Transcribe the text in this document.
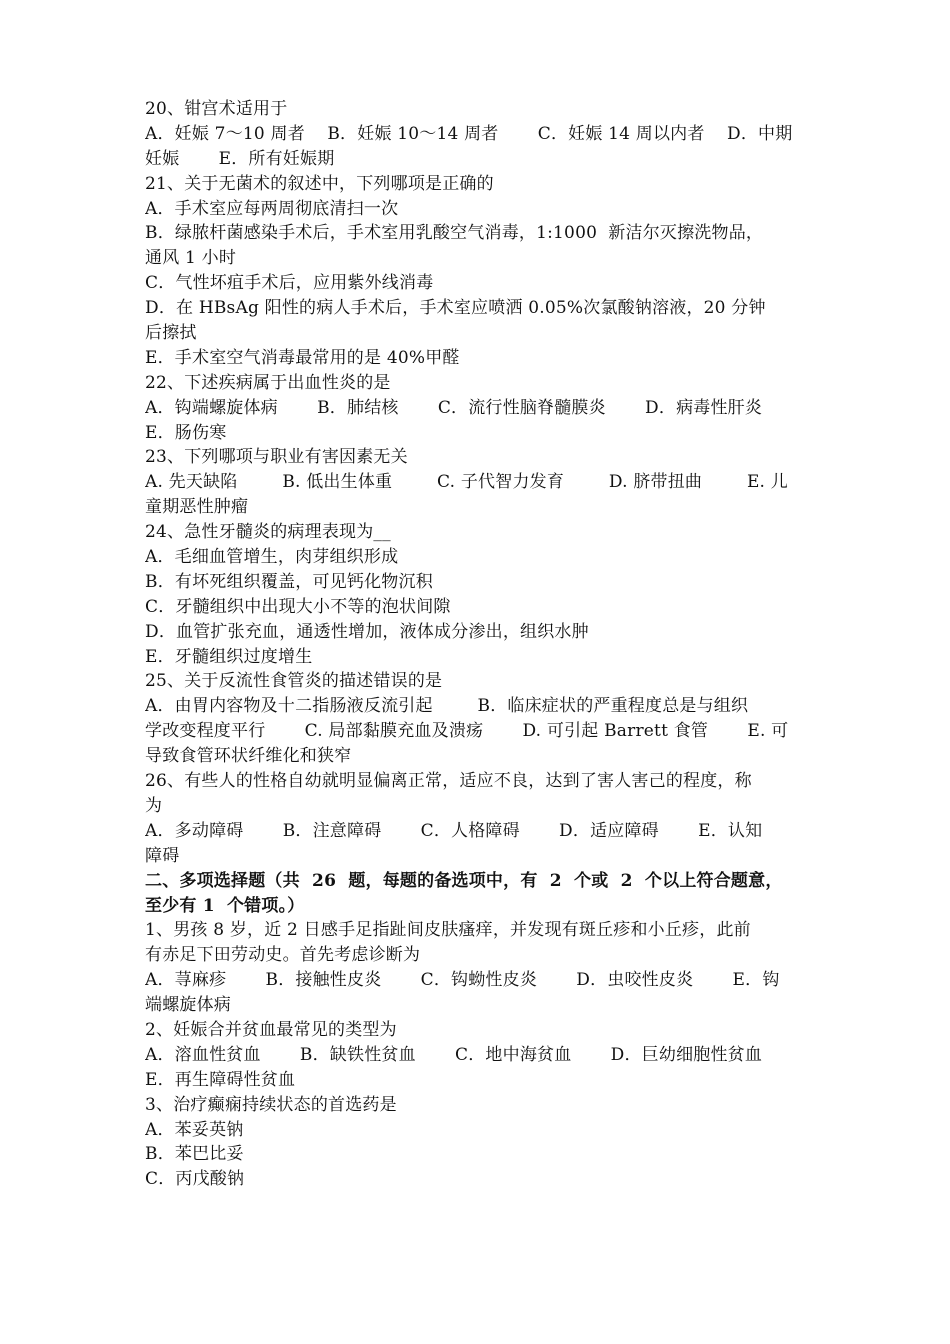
20、钳宫术适用于
A．妊娠 7～10 周者    B．妊娠 10～14 周者       C．妊娠 14 周以内者    D．中期
妊娠       E．所有妊娠期
21、关于无菌术的叙述中，下列哪项是正确的
A．手术室应每两周彻底清扫一次
B．绿脓杆菌感染手术后，手术室用乳酸空气消毒，1:1000  新洁尔灭擦洗物品，
通风 1 小时
C．气性坏疽手术后，应用紫外线消毒
D．在 HBsAg 阳性的病人手术后，手术室应喷洒 0.05%次氯酸钠溶液，20 分钟
后擦拭
E．手术室空气消毒最常用的是 40%甲醛
22、下述疾病属于出血性炎的是
A．钩端螺旋体病       B．肺结核       C．流行性脑脊髓膜炎       D．病毒性肝炎
E．肠伤寒
23、下列哪项与职业有害因素无关
A. 先天缺陷        B. 低出生体重        C. 子代智力发育        D. 脐带扭曲        E. 儿
童期恶性肿瘤
24、急性牙髓炎的病理表现为__
A．毛细血管增生，肉芽组织形成
B．有坏死组织覆盖，可见钙化物沉积
C．牙髓组织中出现大小不等的泡状间隙
D．血管扩张充血，通透性增加，液体成分渗出，组织水肿
E．牙髓组织过度增生
25、关于反流性食管炎的描述错误的是
A．由胃内容物及十二指肠液反流引起        B．临床症状的严重程度总是与组织
学改变程度平行       C. 局部黏膜充血及溃疡       D. 可引起 Barrett 食管       E. 可
导致食管环状纤维化和狭窄
26、有些人的性格自幼就明显偏离正常，适应不良，达到了害人害己的程度，称
为
A．多动障碍       B．注意障碍       C．人格障碍       D．适应障碍       E．认知
障碍
二、多项选择题（共  26  题，每题的备选项中，有  2  个或  2  个以上符合题意，
至少有 1  个错项。）
1、男孩 8 岁，近 2 日感手足指趾间皮肤瘙痒，并发现有斑丘疹和小丘疹，此前
有赤足下田劳动史。首先考虑诊断为
A．荨麻疹       B．接触性皮炎       C．钩蚴性皮炎       D．虫咬性皮炎       E．钩
端螺旋体病
2、妊娠合并贫血最常见的类型为
A．溶血性贫血       B．缺铁性贫血       C．地中海贫血       D．巨幼细胞性贫血
E．再生障碍性贫血
3、治疗癫痫持续状态的首选药是
A．苯妥英钠
B．苯巴比妥
C．丙戊酸钠
